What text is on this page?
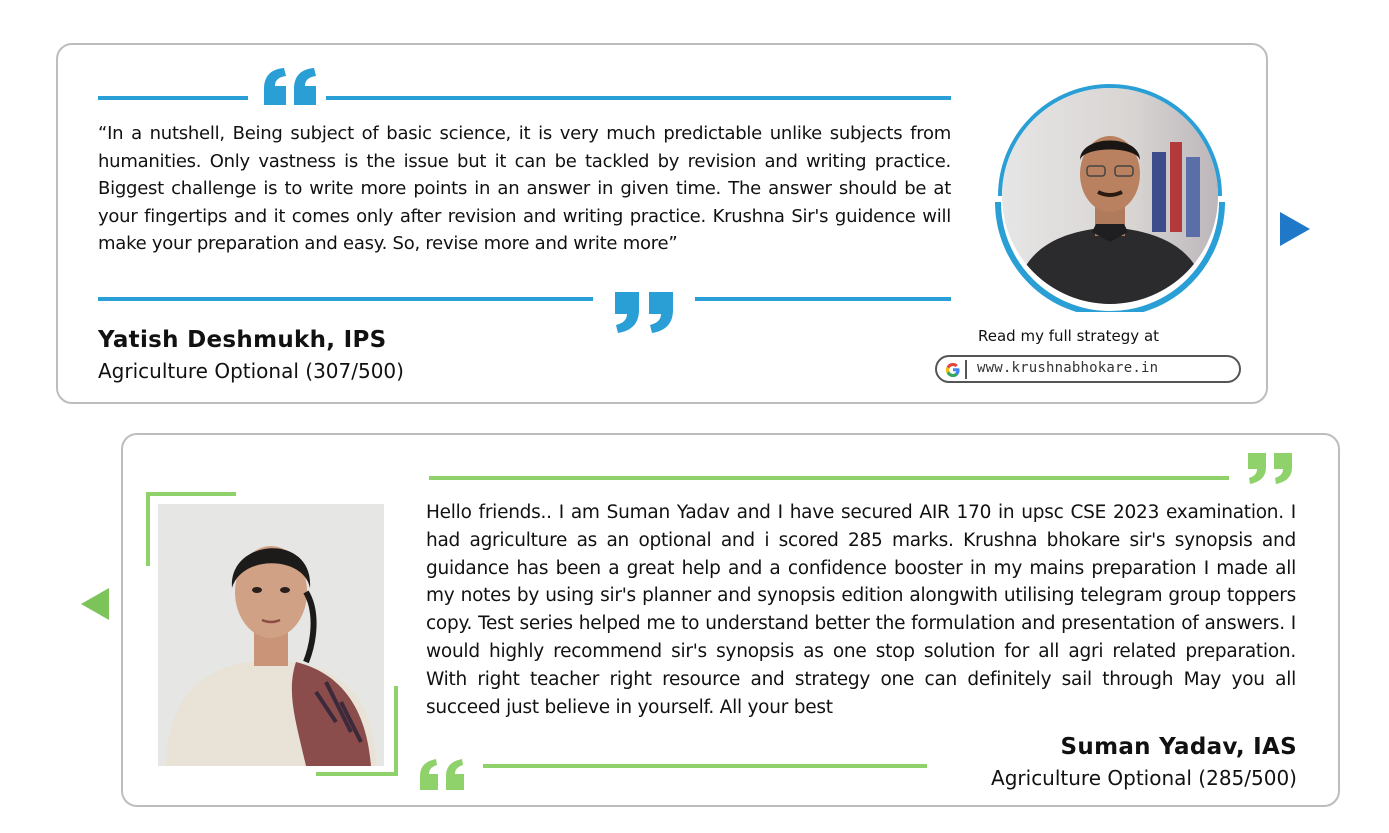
“In a nutshell, Being subject of basic science, it is very much predictable unlike subjects from humanities. Only vastness is the issue but it can be tackled by revision and writing practice. Biggest challenge is to write more points in an answer in given time. The answer should be at your fingertips and it comes only after revision and writing practice. Krushna Sir's guidence will make your preparation and easy. So, revise more and write more”
Yatish Deshmukh, IPS
Agriculture Optional (307/500)
Read my full strategy at
www.krushnabhokare.in
Hello friends.. I am Suman Yadav and I have secured AIR 170 in upsc CSE 2023 examination. I had agriculture as an optional and i scored 285 marks. Krushna bhokare sir's synopsis and guidance has been a great help and a confidence booster in my mains preparation I made all my notes by using sir's planner and synopsis edition alongwith utilising telegram group toppers copy. Test series helped me to understand better the formulation and presentation of answers. I would highly recommend sir's synopsis as one stop solution for all agri related preparation. With right teacher right resource and strategy one can definitely sail through May you all succeed just believe in yourself. All your best
Suman Yadav, IAS
Agriculture Optional (285/500)
